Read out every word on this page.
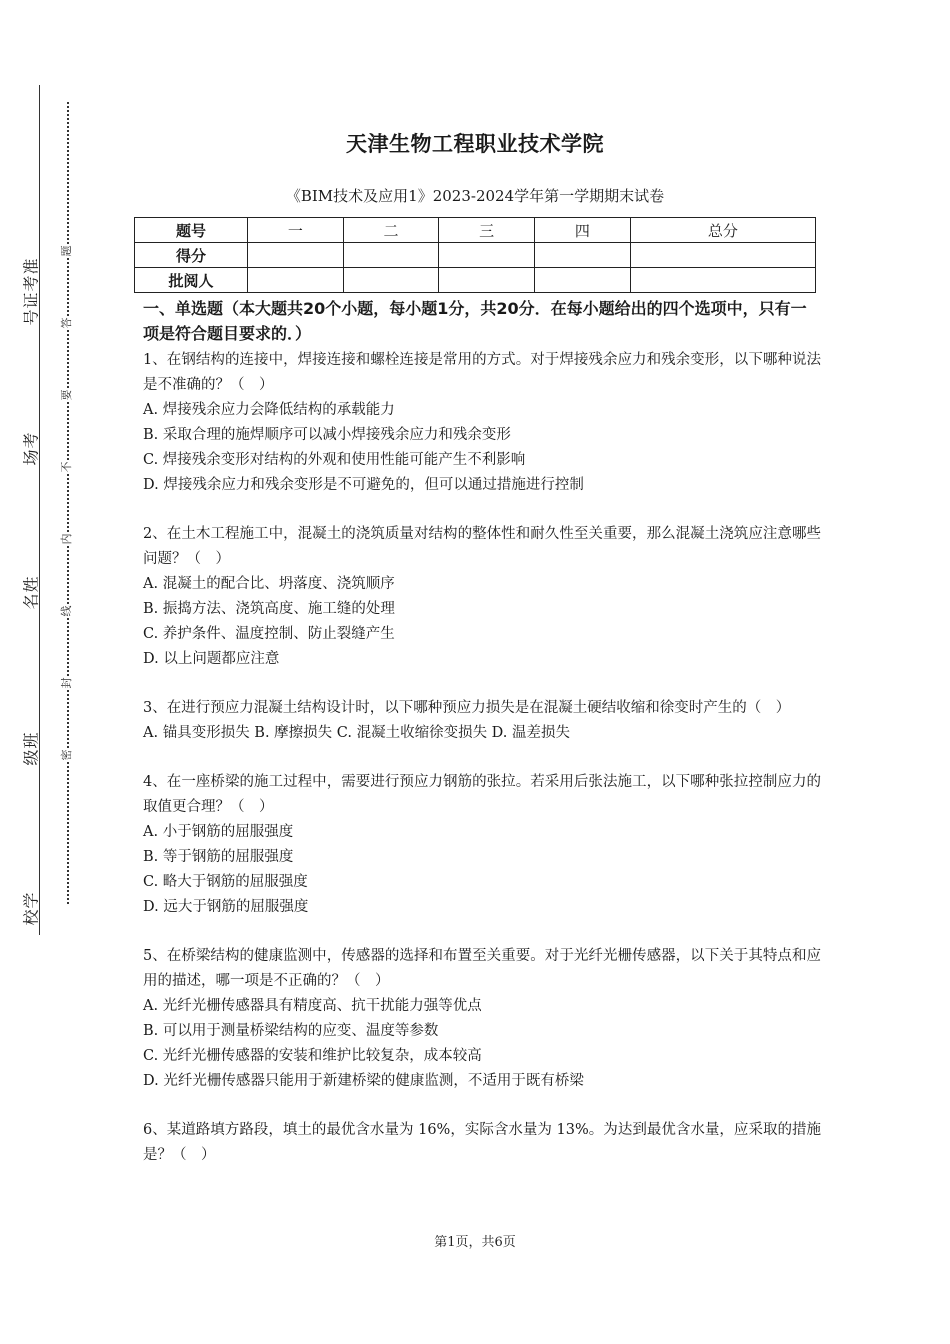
准
考
证
号
考
场
姓
名
班
级
学
校
题
答
要
不
内
线
封
密
天津生物工程职业技术学院
《BIM技术及应用1》2023-2024学年第一学期期末试卷
题号	一	二	三	四	总分
得分					
批阅人					
一、单选题（本大题共20个小题，每小题1分，共20分．在每小题给出的四个选项中，只有一项是符合题目要求的．）
1、在钢结构的连接中，焊接连接和螺栓连接是常用的方式。对于焊接残余应力和残余变形，以下哪种说法是不准确的？（　）
A. 焊接残余应力会降低结构的承载能力
B. 采取合理的施焊顺序可以减小焊接残余应力和残余变形
C. 焊接残余变形对结构的外观和使用性能可能产生不利影响
D. 焊接残余应力和残余变形是不可避免的，但可以通过措施进行控制
2、在土木工程施工中，混凝土的浇筑质量对结构的整体性和耐久性至关重要，那么混凝土浇筑应注意哪些问题？（　）
A. 混凝土的配合比、坍落度、浇筑顺序
B. 振捣方法、浇筑高度、施工缝的处理
C. 养护条件、温度控制、防止裂缝产生
D. 以上问题都应注意
3、在进行预应力混凝土结构设计时，以下哪种预应力损失是在混凝土硬结收缩和徐变时产生的（　）
A. 锚具变形损失 B. 摩擦损失 C. 混凝土收缩徐变损失 D. 温差损失
4、在一座桥梁的施工过程中，需要进行预应力钢筋的张拉。若采用后张法施工，以下哪种张拉控制应力的取值更合理？（　）
A. 小于钢筋的屈服强度
B. 等于钢筋的屈服强度
C. 略大于钢筋的屈服强度
D. 远大于钢筋的屈服强度
5、在桥梁结构的健康监测中，传感器的选择和布置至关重要。对于光纤光栅传感器，以下关于其特点和应用的描述，哪一项是不正确的？（　）
A. 光纤光栅传感器具有精度高、抗干扰能力强等优点
B. 可以用于测量桥梁结构的应变、温度等参数
C. 光纤光栅传感器的安装和维护比较复杂，成本较高
D. 光纤光栅传感器只能用于新建桥梁的健康监测，不适用于既有桥梁
6、某道路填方路段，填土的最优含水量为 16%，实际含水量为 13%。为达到最优含水量，应采取的措施是？（　）
第1页，共6页
